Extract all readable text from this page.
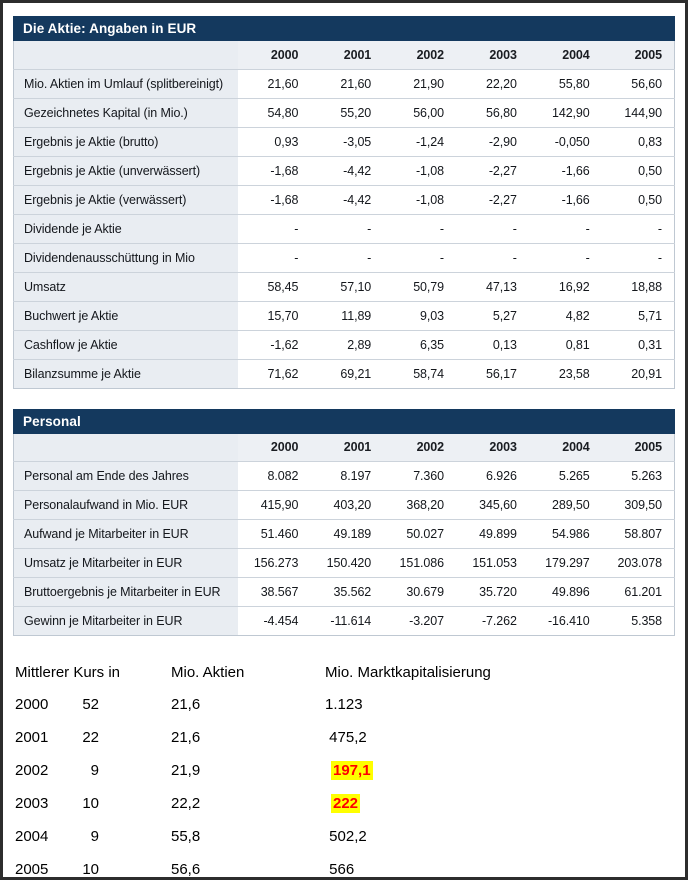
Die Aktie: Angaben in EUR
	2000	2001	2002	2003	2004	2005
Mio. Aktien im Umlauf (splitbereinigt)	21,60	21,60	21,90	22,20	55,80	56,60
Gezeichnetes Kapital (in Mio.)	54,80	55,20	56,00	56,80	142,90	144,90
Ergebnis je Aktie (brutto)	0,93	-3,05	-1,24	-2,90	-0,050	0,83
Ergebnis je Aktie (unverwässert)	-1,68	-4,42	-1,08	-2,27	-1,66	0,50
Ergebnis je Aktie (verwässert)	-1,68	-4,42	-1,08	-2,27	-1,66	0,50
Dividende je Aktie	-	-	-	-	-	-
Dividendenausschüttung in Mio	-	-	-	-	-	-
Umsatz	58,45	57,10	50,79	47,13	16,92	18,88
Buchwert je Aktie	15,70	11,89	9,03	5,27	4,82	5,71
Cashflow je Aktie	-1,62	2,89	6,35	0,13	0,81	0,31
Bilanzsumme je Aktie	71,62	69,21	58,74	56,17	23,58	20,91
Personal
	2000	2001	2002	2003	2004	2005
Personal am Ende des Jahres	8.082	8.197	7.360	6.926	5.265	5.263
Personalaufwand in Mio. EUR	415,90	403,20	368,20	345,60	289,50	309,50
Aufwand je Mitarbeiter in EUR	51.460	49.189	50.027	49.899	54.986	58.807
Umsatz je Mitarbeiter in EUR	156.273	150.420	151.086	151.053	179.297	203.078
Bruttoergebnis je Mitarbeiter in EUR	38.567	35.562	30.679	35.720	49.896	61.201
Gewinn je Mitarbeiter in EUR	-4.454	-11.614	-3.207	-7.262	-16.410	5.358
Mittlerer Kurs in	Mio. Aktien	Mio. Marktkapitalisierung
2000	52	21,6	1.123
2001	22	21,6	475,2
2002	9	21,9	197,1
2003	10	22,2	222
2004	9	55,8	502,2
2005	10	56,6	566
